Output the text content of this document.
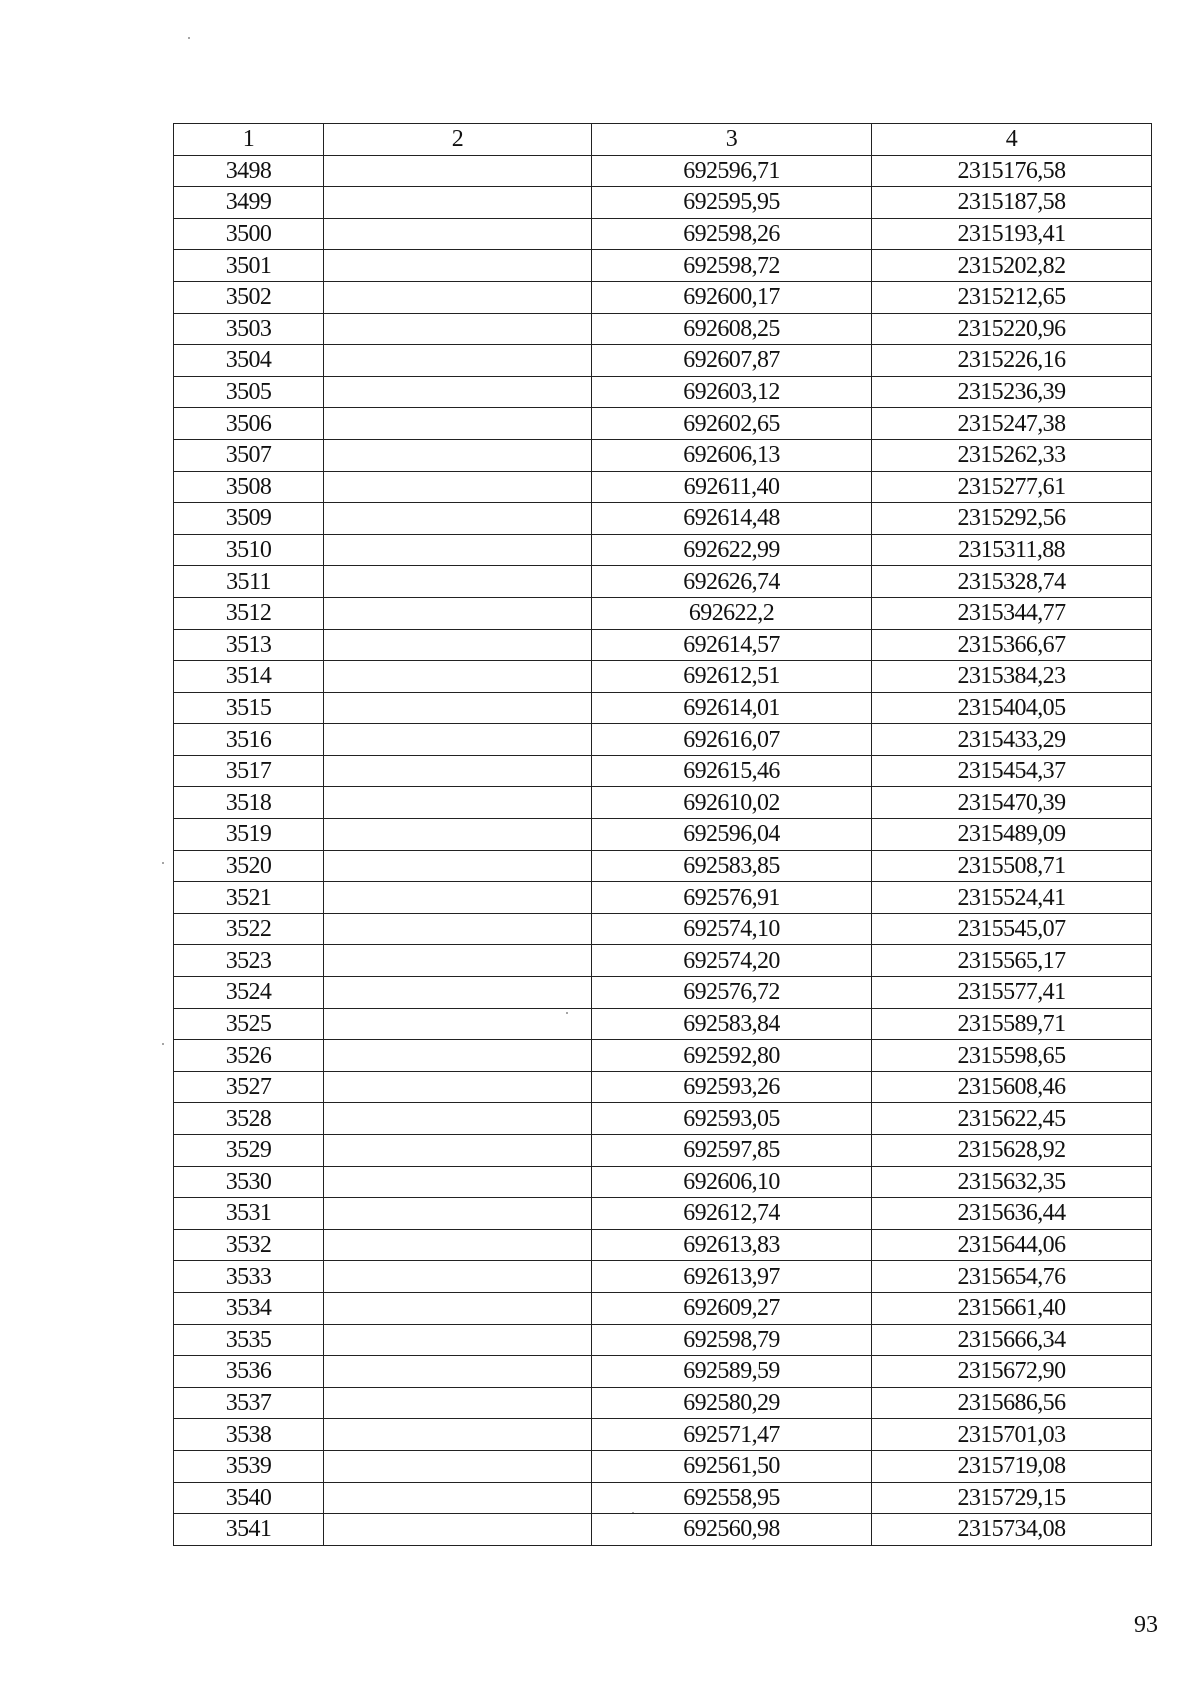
1	2	3	4
3498		692596,71	2315176,58
3499		692595,95	2315187,58
3500		692598,26	2315193,41
3501		692598,72	2315202,82
3502		692600,17	2315212,65
3503		692608,25	2315220,96
3504		692607,87	2315226,16
3505		692603,12	2315236,39
3506		692602,65	2315247,38
3507		692606,13	2315262,33
3508		692611,40	2315277,61
3509		692614,48	2315292,56
3510		692622,99	2315311,88
3511		692626,74	2315328,74
3512		692622,2	2315344,77
3513		692614,57	2315366,67
3514		692612,51	2315384,23
3515		692614,01	2315404,05
3516		692616,07	2315433,29
3517		692615,46	2315454,37
3518		692610,02	2315470,39
3519		692596,04	2315489,09
3520		692583,85	2315508,71
3521		692576,91	2315524,41
3522		692574,10	2315545,07
3523		692574,20	2315565,17
3524		692576,72	2315577,41
3525		692583,84	2315589,71
3526		692592,80	2315598,65
3527		692593,26	2315608,46
3528		692593,05	2315622,45
3529		692597,85	2315628,92
3530		692606,10	2315632,35
3531		692612,74	2315636,44
3532		692613,83	2315644,06
3533		692613,97	2315654,76
3534		692609,27	2315661,40
3535		692598,79	2315666,34
3536		692589,59	2315672,90
3537		692580,29	2315686,56
3538		692571,47	2315701,03
3539		692561,50	2315719,08
3540		692558,95	2315729,15
3541		692560,98	2315734,08
93
